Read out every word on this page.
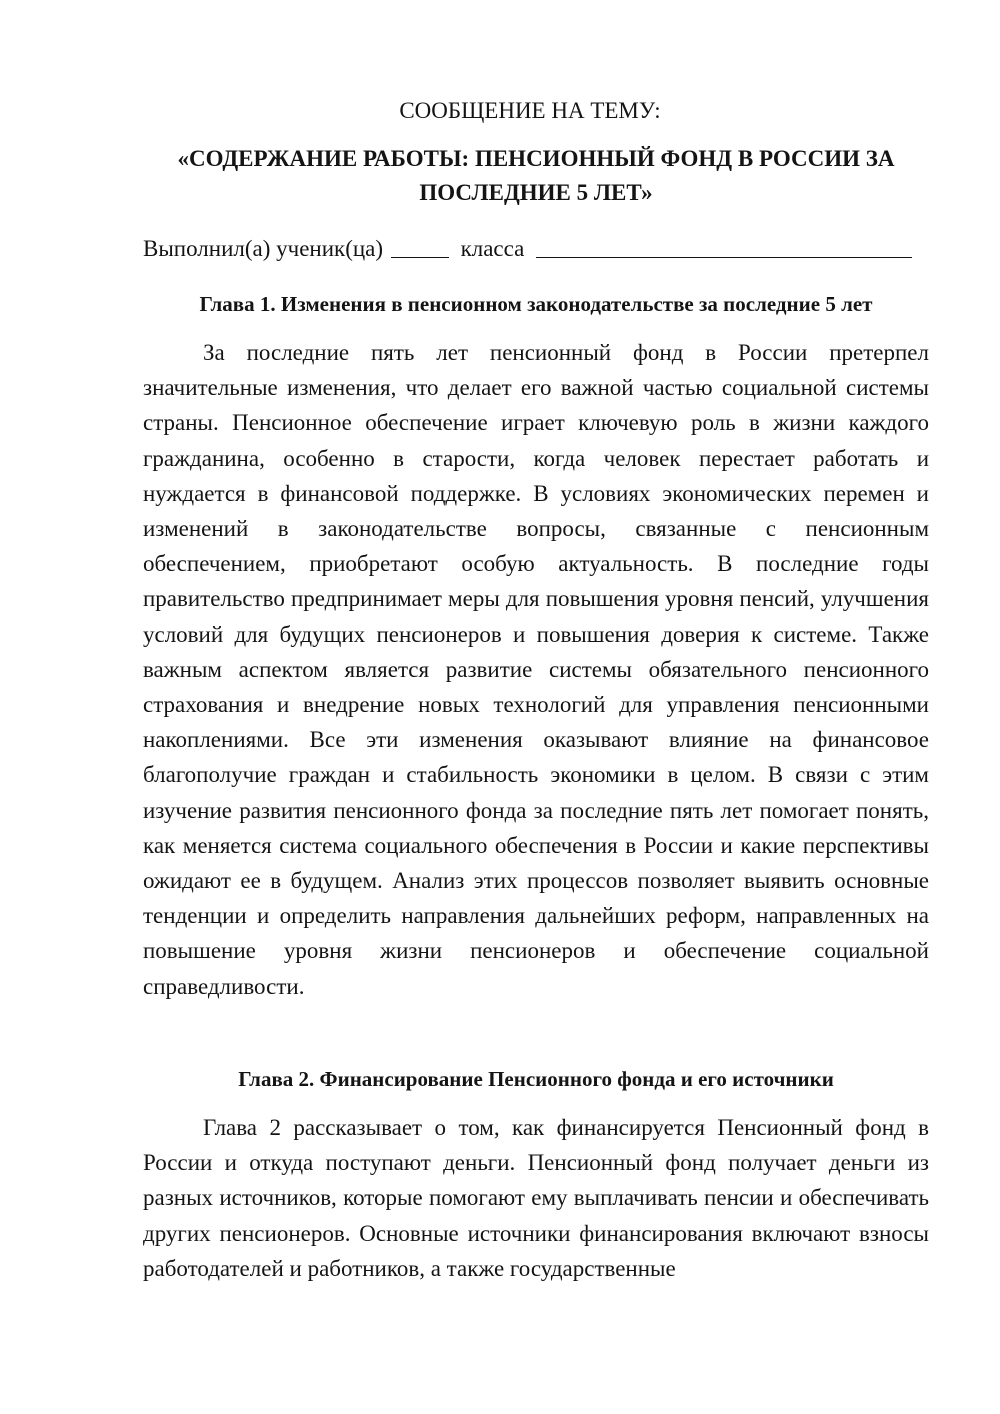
СООБЩЕНИЕ НА ТЕМУ:
«СОДЕРЖАНИЕ РАБОТЫ: ПЕНСИОННЫЙ ФОНД В РОССИИ ЗА
ПОСЛЕДНИЕ 5 ЛЕТ»
Выполнил(а) ученик(ца)	класса
Глава 1. Изменения в пенсионном законодательстве за последние 5 лет

За последние пять лет пенсионный фонд в России претерпел значительные изменения, что делает его важной частью социальной системы страны. Пенсионное обеспечение играет ключевую роль в жизни каждого гражданина, особенно в старости, когда человек перестает работать и нуждается в финансовой поддержке. В условиях экономических перемен и изменений в законодательстве вопросы, связанные с пенсионным обеспечением, приобретают особую актуальность. В последние годы правительство предпринимает меры для повышения уровня пенсий, улучшения условий для будущих пенсионеров и повышения доверия к системе. Также важным аспектом является развитие системы обязательного пенсионного страхования и внедрение новых технологий для управления пенсионными накоплениями. Все эти изменения оказывают влияние на финансовое благополучие граждан и стабильность экономики в целом. В связи с этим изучение развития пенсионного фонда за последние пять лет помогает понять, как меняется система социального обеспечения в России и какие перспективы ожидают ее в будущем. Анализ этих процессов позволяет выявить основные тенденции и определить направления дальнейших реформ, направленных на повышение уровня жизни пенсионеров и обеспечение социальной справедливости.

Глава 2. Финансирование Пенсионного фонда и его источники

Глава 2 рассказывает о том, как финансируется Пенсионный фонд в России и откуда поступают деньги. Пенсионный фонд получает деньги из разных источников, которые помогают ему выплачивать пенсии и обеспечивать других пенсионеров. Основные источники финансирования включают взносы работодателей и работников, а также государственные
